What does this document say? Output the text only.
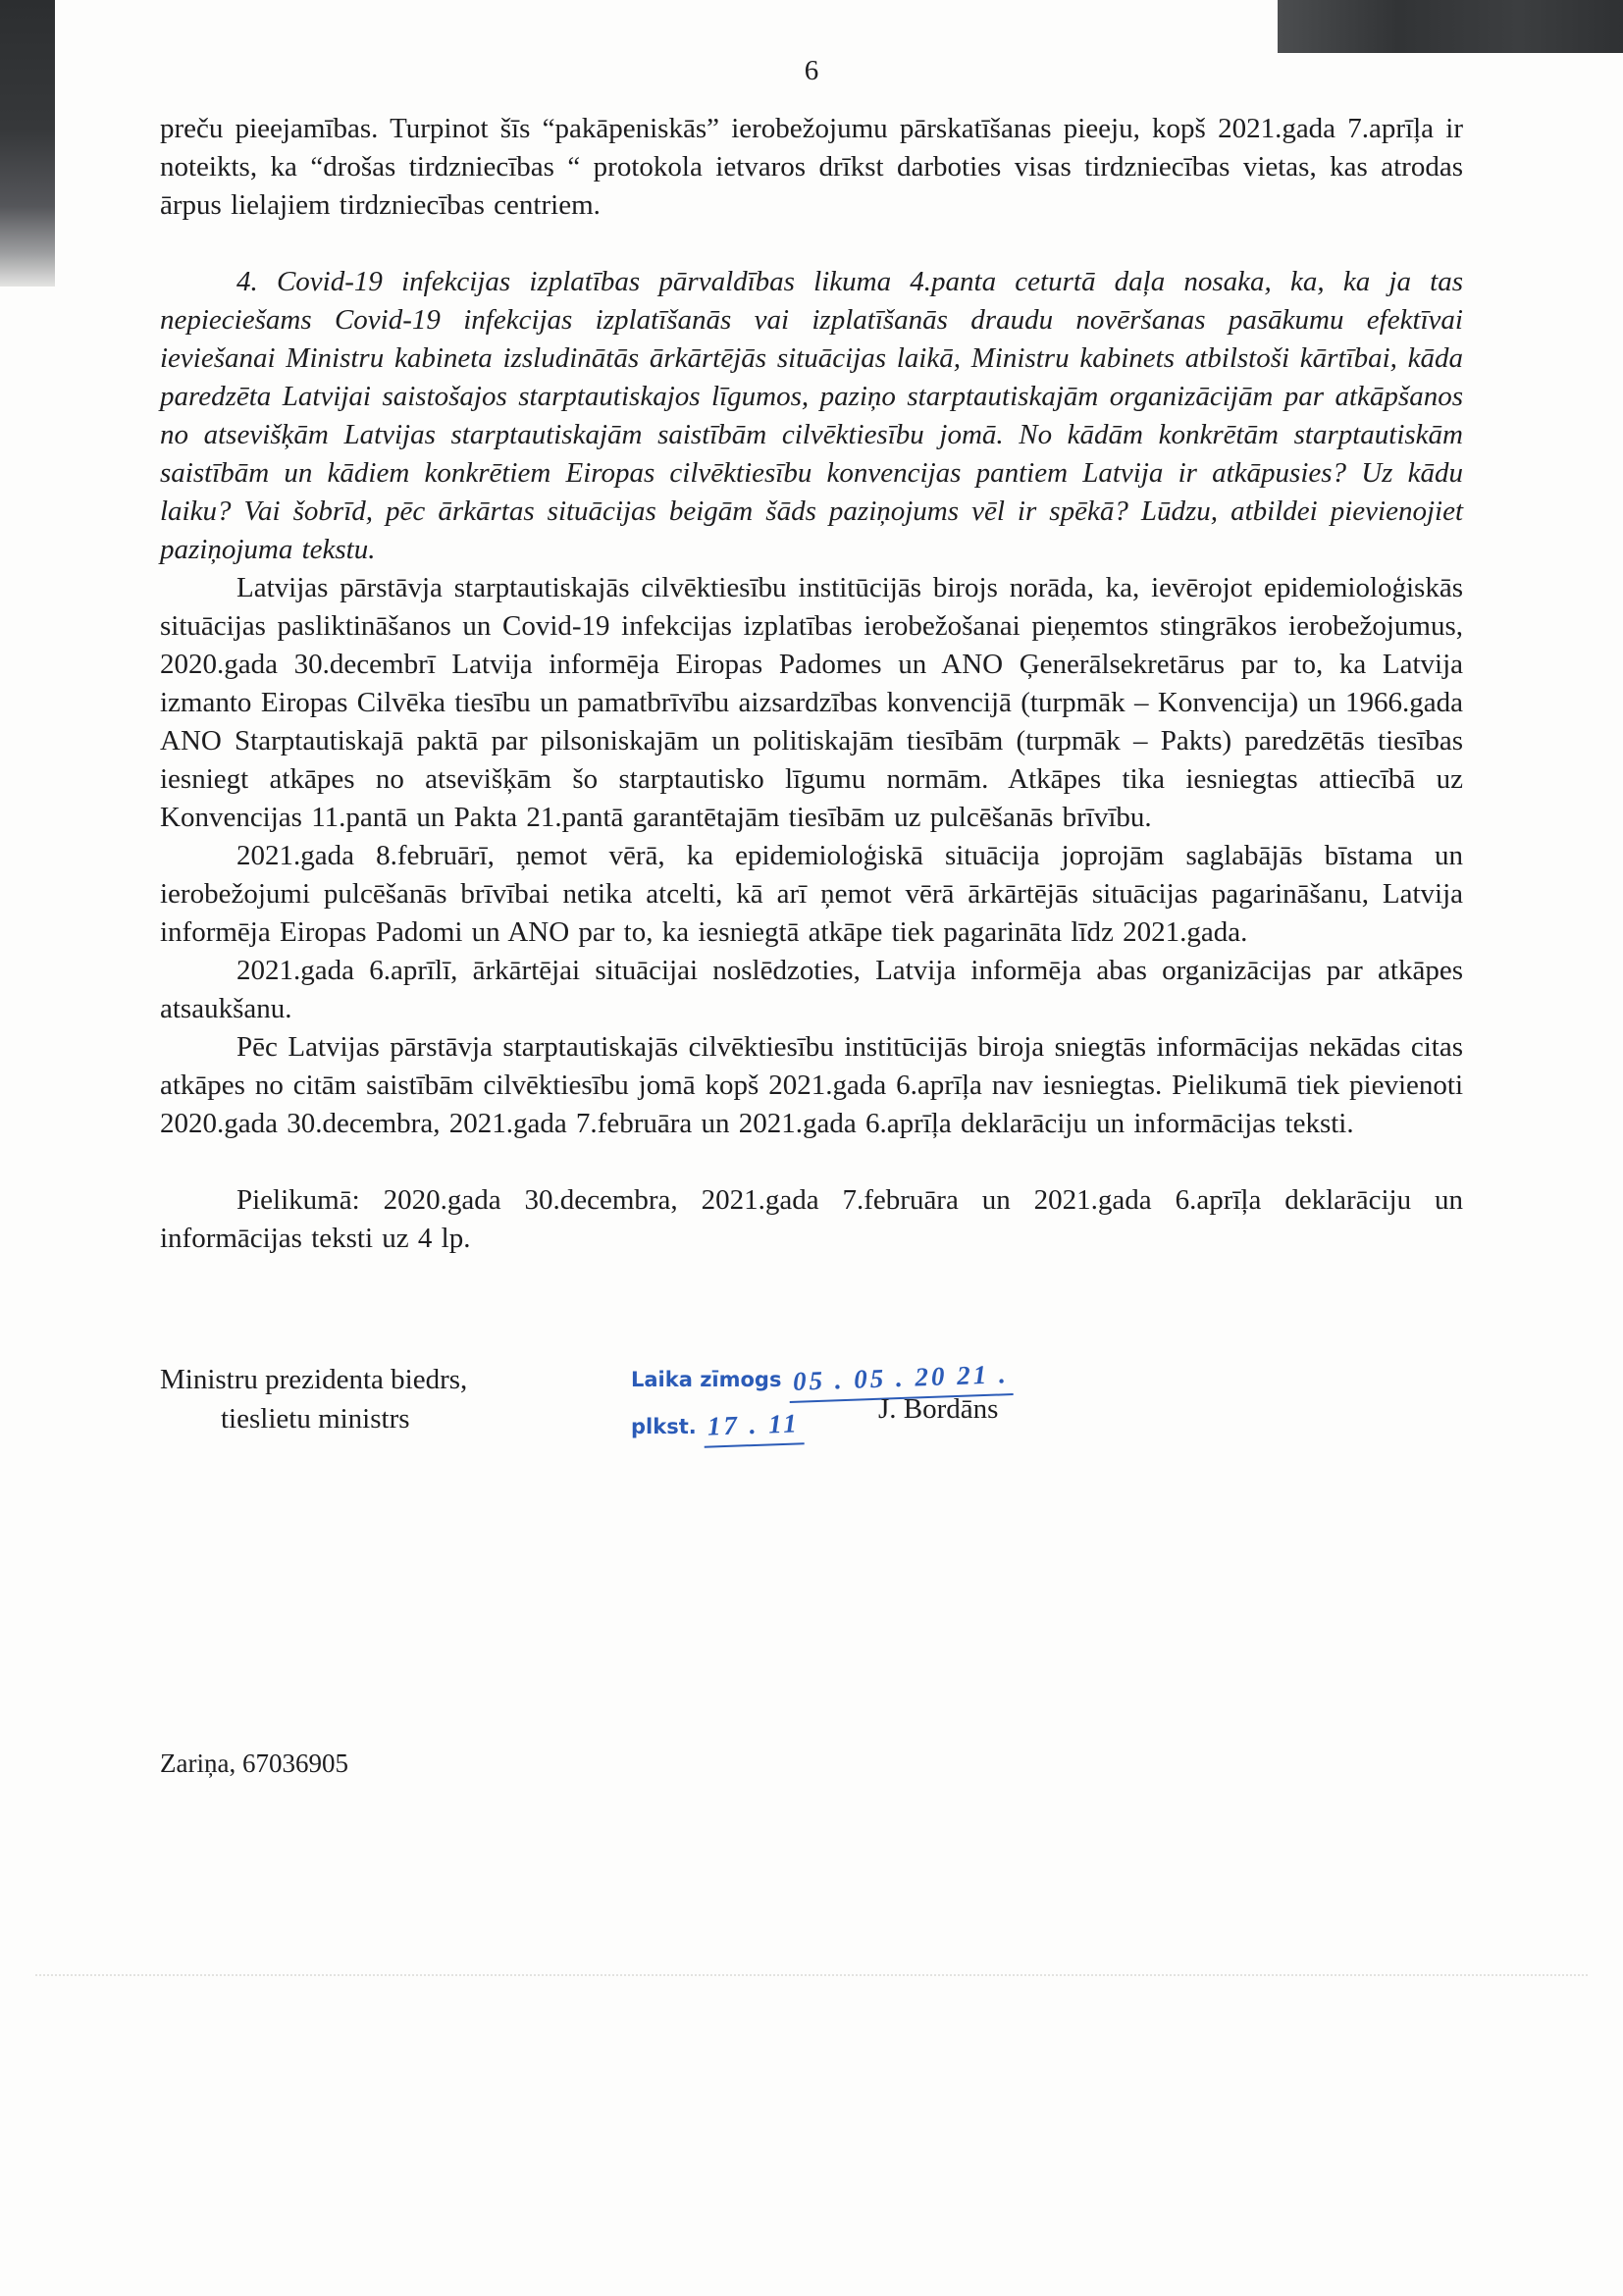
6

preču pieejamības. Turpinot šīs “pakāpeniskās” ierobežojumu pārskatīšanas pieeju, kopš 2021.gada 7.aprīļa ir noteikts, ka “drošas tirdzniecības “ protokola ietvaros drīkst darboties visas tirdzniecības vietas, kas atrodas ārpus lielajiem tirdzniecības centriem.

4. Covid-19 infekcijas izplatības pārvaldības likuma 4.panta ceturtā daļa nosaka, ka, ka ja tas nepieciešams Covid-19 infekcijas izplatīšanās vai izplatīšanās draudu novēršanas pasākumu efektīvai ieviešanai Ministru kabineta izsludinātās ārkārtējās situācijas laikā, Ministru kabinets atbilstoši kārtībai, kāda paredzēta Latvijai saistošajos starptautiskajos līgumos, paziņo starptautiskajām organizācijām par atkāpšanos no atsevišķām Latvijas starptautiskajām saistībām cilvēktiesību jomā. No kādām konkrētām starptautiskām saistībām un kādiem konkrētiem Eiropas cilvēktiesību konvencijas pantiem Latvija ir atkāpusies? Uz kādu laiku? Vai šobrīd, pēc ārkārtas situācijas beigām šāds paziņojums vēl ir spēkā? Lūdzu, atbildei pievienojiet paziņojuma tekstu.

Latvijas pārstāvja starptautiskajās cilvēktiesību institūcijās birojs norāda, ka, ievērojot epidemioloģiskās situācijas pasliktināšanos un Covid-19 infekcijas izplatības ierobežošanai pieņemtos stingrākos ierobežojumus, 2020.gada 30.decembrī Latvija informēja Eiropas Padomes un ANO Ģenerālsekretārus par to, ka Latvija izmanto Eiropas Cilvēka tiesību un pamatbrīvību aizsardzības konvencijā (turpmāk – Konvencija) un 1966.gada ANO Starptautiskajā paktā par pilsoniskajām un politiskajām tiesībām (turpmāk – Pakts) paredzētās tiesības iesniegt atkāpes no atsevišķām šo starptautisko līgumu normām. Atkāpes tika iesniegtas attiecībā uz Konvencijas 11.pantā un Pakta 21.pantā garantētajām tiesībām uz pulcēšanās brīvību.

2021.gada 8.februārī, ņemot vērā, ka epidemioloģiskā situācija joprojām saglabājās bīstama un ierobežojumi pulcēšanās brīvībai netika atcelti, kā arī ņemot vērā ārkārtējās situācijas pagarināšanu, Latvija informēja Eiropas Padomi un ANO par to, ka iesniegtā atkāpe tiek pagarināta līdz 2021.gada.

2021.gada 6.aprīlī, ārkārtējai situācijai noslēdzoties, Latvija informēja abas organizācijas par atkāpes atsaukšanu.

Pēc Latvijas pārstāvja starptautiskajās cilvēktiesību institūcijās biroja sniegtās informācijas nekādas citas atkāpes no citām saistībām cilvēktiesību jomā kopš 2021.gada 6.aprīļa nav iesniegtas. Pielikumā tiek pievienoti 2020.gada 30.decembra, 2021.gada 7.februāra un 2021.gada 6.aprīļa deklarāciju un informācijas teksti.

Pielikumā: 2020.gada 30.decembra, 2021.gada 7.februāra un 2021.gada 6.aprīļa deklarāciju un informācijas teksti uz 4 lp.

Ministru prezidenta biedrs,
tieslietu ministrs
Laika zīmogs 05 . 05 . 20 21 .
plkst. 17 . 11	J. Bordāns
Zariņa, 67036905
